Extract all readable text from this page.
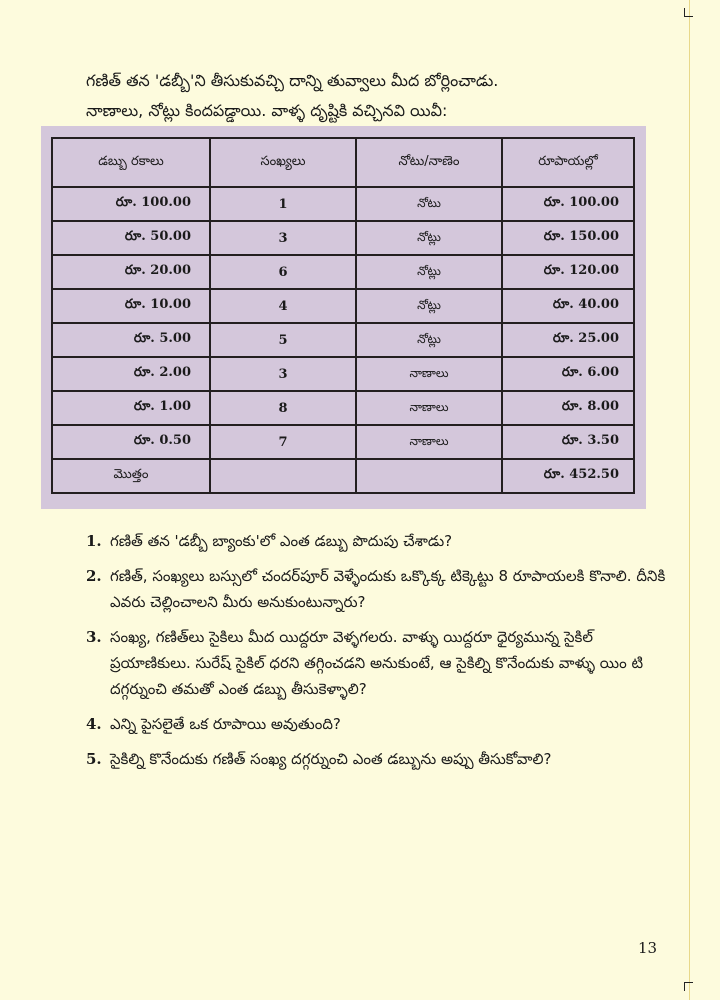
గణిత్ తన 'డబ్బీ'ని తీసుకువచ్చి దాన్ని తువ్వాలు మీద బోర్లించాడు.

నాణాలు, నోట్లు కిందపడ్డాయి. వాళ్ళ దృష్టికి వచ్చినవి యివీ:

డబ్బు రకాలు	సంఖ్యలు	నోటు/నాణెం	రూపాయల్లో
రూ. 100.00	1	నోటు	రూ. 100.00
రూ. 50.00	3	నోట్లు	రూ. 150.00
రూ. 20.00	6	నోట్లు	రూ. 120.00
రూ. 10.00	4	నోట్లు	రూ. 40.00
రూ. 5.00	5	నోట్లు	రూ. 25.00
రూ. 2.00	3	నాణాలు	రూ. 6.00
రూ. 1.00	8	నాణాలు	రూ. 8.00
రూ. 0.50	7	నాణాలు	రూ. 3.50
మొత్తం			రూ. 452.50
1. గణిత్ తన 'డబ్బీ బ్యాంకు'లో ఎంత డబ్బు పొదుపు చేశాడు?
2. గణిత్, సంఖ్యలు బస్సులో చందర్‌పూర్ వెళ్ళేందుకు ఒక్కొక్క టిక్కెట్టు 8 రూపాయలకి కొనాలి. దీనికి ఎవరు చెల్లించాలని మీరు అనుకుంటున్నారు?
3. సంఖ్య, గణిత్‌లు సైకిలు మీద యిద్దరూ వెళ్ళగలరు. వాళ్ళు యిద్దరూ ధైర్యమున్న సైకిల్ ప్రయాణికులు. సురేష్ సైకిల్ ధరని తగ్గించడని అనుకుంటే, ఆ సైకిల్ని కొనేందుకు వాళ్ళు యిం టి దగ్గర్నుంచి తమతో ఎంత డబ్బు తీసుకెళ్ళాలి?
4. ఎన్ని పైసలైతే ఒక రూపాయి అవుతుంది?
5. సైకిల్ని కొనేందుకు గణిత్ సంఖ్య దగ్గర్నుంచి ఎంత డబ్బును అప్పు తీసుకోవాలి?
13
